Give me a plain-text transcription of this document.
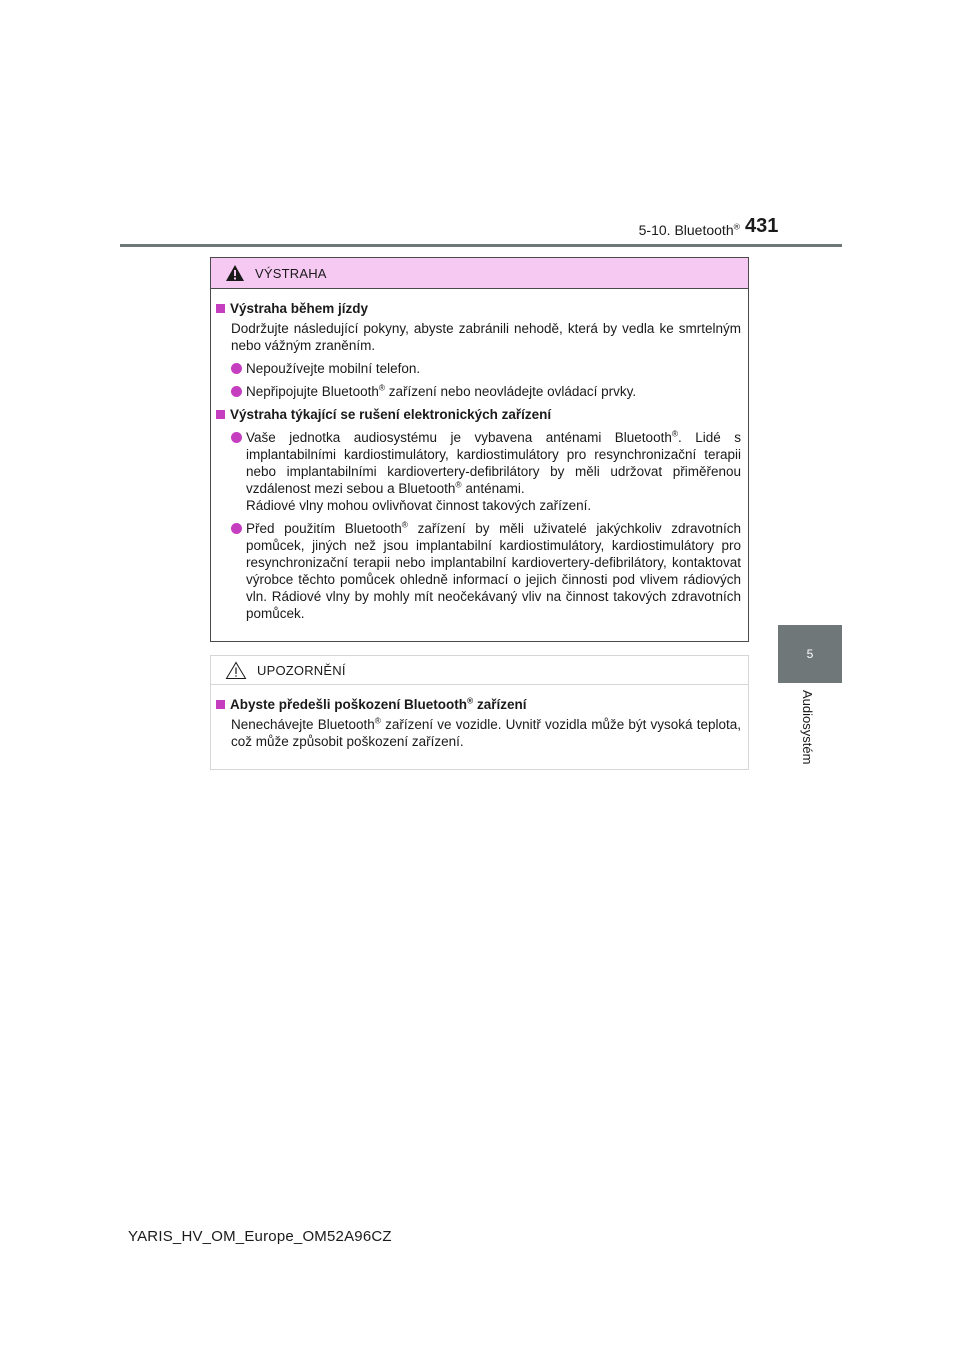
5-10. Bluetooth® 431
5
Audiosystém
VÝSTRAHA
Výstraha během jízdy
Dodržujte následující pokyny, abyste zabránili nehodě, která by vedla ke smrtelným nebo vážným zraněním.
Nepoužívejte mobilní telefon.
Nepřipojujte Bluetooth® zařízení nebo neovládejte ovládací prvky.
Výstraha týkající se rušení elektronických zařízení
Vaše jednotka audiosystému je vybavena anténami Bluetooth®. Lidé s implantabilními kardiostimulátory, kardiostimulátory pro resynchronizační terapii nebo implantabilními kardiovertery-defibrilátory by měli udržovat přiměřenou vzdálenost mezi sebou a Bluetooth® anténami.
Rádiové vlny mohou ovlivňovat činnost takových zařízení.
Před použitím Bluetooth® zařízení by měli uživatelé jakýchkoliv zdravotních pomůcek, jiných než jsou implantabilní kardiostimulátory, kardiostimulátory pro resynchronizační terapii nebo implantabilní kardiovertery-defibrilátory, kontaktovat výrobce těchto pomůcek ohledně informací o jejich činnosti pod vlivem rádiových vln. Rádiové vlny by mohly mít neočekávaný vliv na činnost takových zdravotních pomůcek.
UPOZORNĚNÍ
Abyste předešli poškození Bluetooth® zařízení
Nenechávejte Bluetooth® zařízení ve vozidle. Uvnitř vozidla může být vysoká teplota, což může způsobit poškození zařízení.
YARIS_HV_OM_Europe_OM52A96CZ
